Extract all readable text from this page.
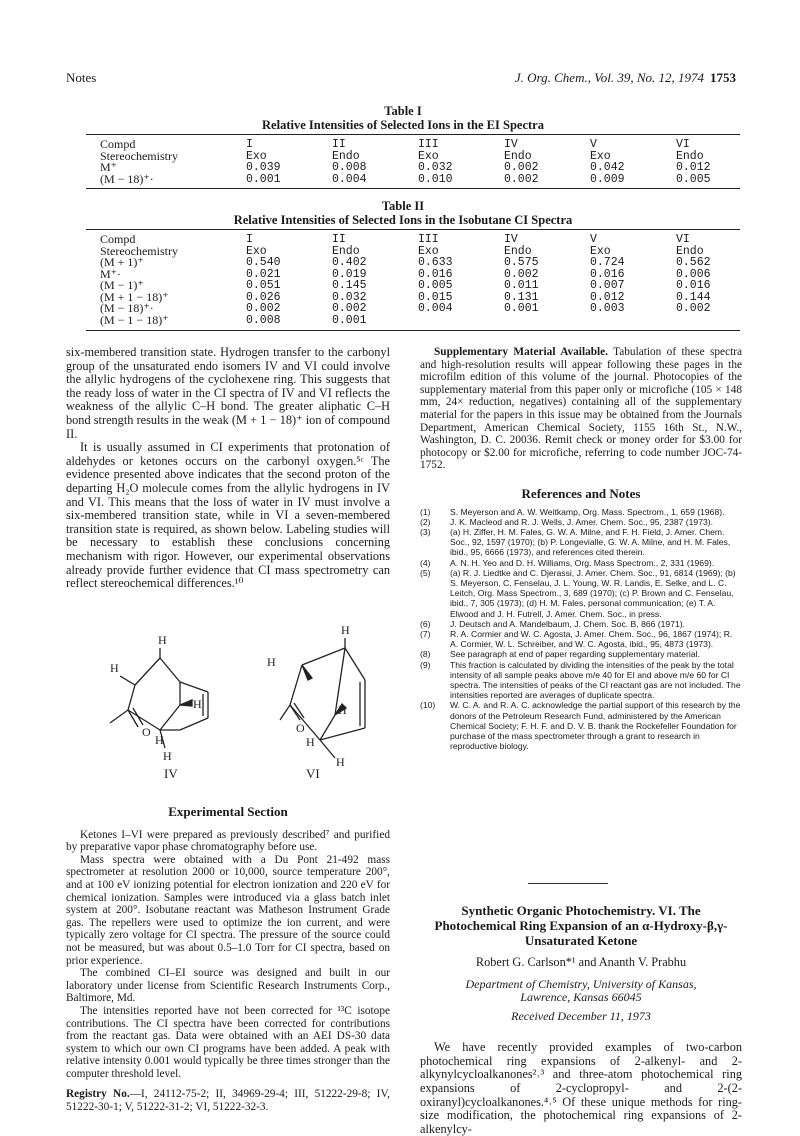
Notes	J. Org. Chem., Vol. 39, No. 12, 1974 1753
Table I
Relative Intensities of Selected Ions in the EI Spectra
Compd	I	II	III	IV	V	VI
Stereochemistry	Exo	Endo	Exo	Endo	Exo	Endo
M⁺	0.039	0.008	0.032	0.002	0.042	0.012
(M − 18)⁺·	0.001	0.004	0.010	0.002	0.009	0.005
Table II
Relative Intensities of Selected Ions in the Isobutane CI Spectra
Compd	I	II	III	IV	V	VI
Stereochemistry	Exo	Endo	Exo	Endo	Exo	Endo
(M + 1)⁺	0.540	0.402	0.633	0.575	0.724	0.562
M⁺·	0.021	0.019	0.016	0.002	0.016	0.006
(M − 1)⁺	0.051	0.145	0.005	0.011	0.007	0.016
(M + 1 − 18)⁺	0.026	0.032	0.015	0.131	0.012	0.144
(M − 18)⁺·	0.002	0.002	0.004	0.001	0.003	0.002
(M − 1 − 18)⁺	0.008	0.001				

six-membered transition state. Hydrogen transfer to the carbonyl group of the unsaturated endo isomers IV and VI could involve the allylic hydrogens of the cyclohexene ring. This suggests that the ready loss of water in the CI spectra of IV and VI reflects the weakness of the allylic C–H bond. The greater aliphatic C–H bond strength results in the weak (M + 1 − 18)⁺ ion of compound II.

It is usually assumed in CI experiments that protonation of aldehydes or ketones occurs on the carbonyl oxygen.⁵ᶜ The evidence presented above indicates that the second proton of the departing H₂O molecule comes from the allylic hydrogens in IV and VI. This means that the loss of water in IV must involve a six-membered transition state, while in VI a seven-membered transition state is required, as shown below. Labeling studies will be necessary to establish these conclusions concerning mechanism with rigor. However, our experimental observations already provide further evidence that CI mass spectrometry can reflect stereochemical differences.¹⁰

H
H
H
O
H
H
IV
H
H
H
O
H
H
VI
Experimental Section

Ketones I–VI were prepared as previously described⁷ and purified by preparative vapor phase chromatography before use.

Mass spectra were obtained with a Du Pont 21-492 mass spectrometer at resolution 2000 or 10,000, source temperature 200°, and at 100 eV ionizing potential for electron ionization and 220 eV for chemical ionization. Samples were introduced via a glass batch inlet system at 200°. Isobutane reactant was Matheson Instrument Grade gas. The repellers were used to optimize the ion current, and were typically zero voltage for CI spectra. The pressure of the source could not be measured, but was about 0.5–1.0 Torr for CI spectra, based on prior experience.

The combined CI–EI source was designed and built in our laboratory under license from Scientific Research Instruments Corp., Baltimore, Md.

The intensities reported have not been corrected for ¹³C isotope contributions. The CI spectra have been corrected for contributions from the reactant gas. Data were obtained with an AEI DS-30 data system to which our own CI programs have been added. A peak with relative intensity 0.001 would typically be three times stronger than the computer threshold level.

Registry No.—I, 24112-75-2; II, 34969-29-4; III, 51222-29-8; IV, 51222-30-1; V, 51222-31-2; VI, 51222-32-3.

Supplementary Material Available. Tabulation of these spectra and high-resolution results will appear following these pages in the microfilm edition of this volume of the journal. Photocopies of the supplementary material from this paper only or microfiche (105 × 148 mm, 24× reduction, negatives) containing all of the supplementary material for the papers in this issue may be obtained from the Journals Department, American Chemical Society, 1155 16th St., N.W., Washington, D. C. 20036. Remit check or money order for $3.00 for photocopy or $2.00 for microfiche, referring to code number JOC-74-1752.

References and Notes
(1)	S. Meyerson and A. W. Weitkamp, Org. Mass. Spectrom., 1, 659 (1968).
(2)	J. K. Macleod and R. J. Wells, J. Amer. Chem. Soc., 95, 2387 (1973).
(3)	(a) H. Ziffer, H. M. Fales, G. W. A. Milne, and F. H. Field, J. Amer. Chem. Soc., 92, 1597 (1970); (b) P. Longevialle, G. W. A. Milne, and H. M. Fales, ibid., 95, 6666 (1973), and references cited therein.
(4)	A. N. H. Yeo and D. H. Williams, Org. Mass Spectrom., 2, 331 (1969).
(5)	(a) R. J. Liedtke and C. Djerassi, J. Amer. Chem. Soc., 91, 6814 (1969); (b) S. Meyerson, C. Fenselau, J. L. Young, W. R. Landis, E. Selke, and L. C. Leitch, Org. Mass Spectrom., 3, 689 (1970); (c) P. Brown and C. Fenselau, ibid., 7, 305 (1973); (d) H. M. Fales, personal communication; (e) T. A. Elwood and J. H. Futrell, J. Amer. Chem. Soc., in press.
(6)	J. Deutsch and A. Mandelbaum, J. Chem. Soc. B, 866 (1971).
(7)	R. A. Cormier and W. C. Agosta, J. Amer. Chem. Soc., 96, 1867 (1974); R. A. Cormier, W. L. Schreiber, and W. C. Agosta, ibid., 95, 4873 (1973).
(8)	See paragraph at end of paper regarding supplementary material.
(9)	This fraction is calculated by dividing the intensities of the peak by the total intensity of all sample peaks above m/e 40 for EI and above m/e 60 for CI spectra. The intensities of peaks of the CI reactant gas are not included. The intensities reported are averages of duplicate spectra.
(10)	W. C. A. and R. A. C. acknowledge the partial support of this research by the donors of the Petroleum Research Fund, administered by the American Chemical Society; F. H. F. and D. V. B. thank the Rockefeller Foundation for purchase of the mass spectrometer through a grant to research in reproductive biology.
Synthetic Organic Photochemistry. VI. The Photochemical Ring Expansion of an α-Hydroxy-β,γ-Unsaturated Ketone
Robert G. Carlson*¹ and Ananth V. Prabhu
Department of Chemistry, University of Kansas,
Lawrence, Kansas 66045
Received December 11, 1973

We have recently provided examples of two-carbon photochemical ring expansions of 2-alkenyl- and 2-alkynylcycloalkanones²˒³ and three-atom photochemical ring expansions of 2-cyclopropyl- and 2-(2-oxiranyl)cycloalkanones.⁴˒⁵ Of these unique methods for ring-size modification, the photochemical ring expansions of 2-alkenylcy-
